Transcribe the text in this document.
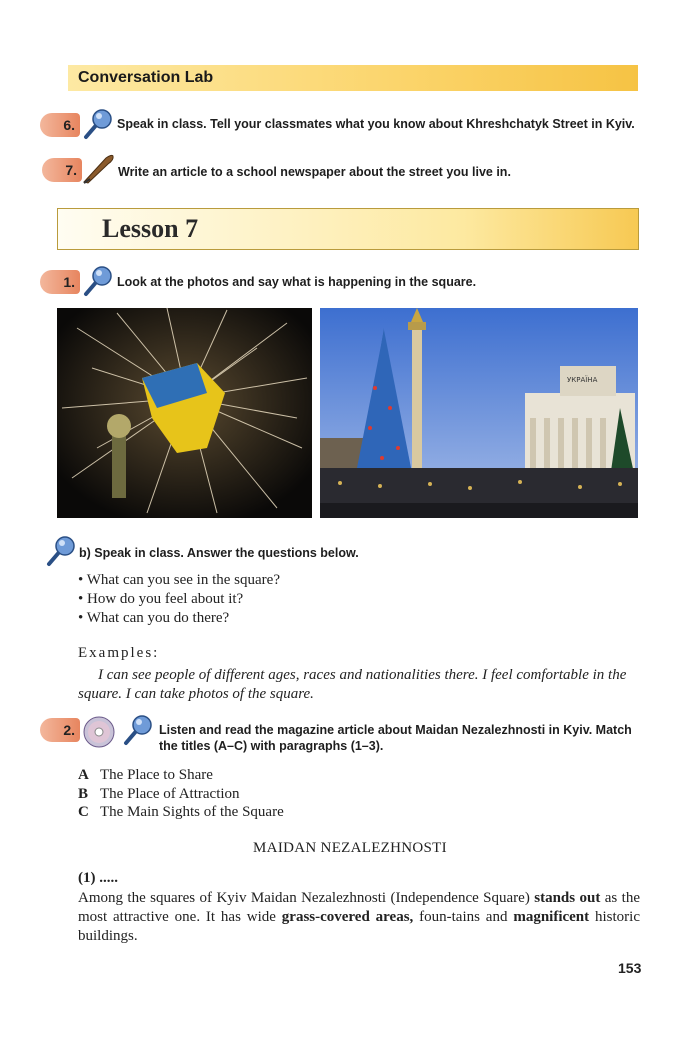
Conversation Lab
6.	Speak in class. Tell your classmates what you know about Khreshchatyk Street in Kyiv.
7.	Write an article to a school newspaper about the street you live in.
Lesson 7
1.	Look at the photos and say what is happening in the square.
УКРАЇНА
b) Speak in class. Answer the questions below.
• What can you see in the square?
• How do you feel about it?
• What can you do there?
Examples:
I can see people of different ages, races and nationalities there. I feel comfortable in the square. I can take photos of the square.
2.	Listen and read the magazine article about Maidan Nezalezhnosti in Kyiv. Match the titles (A–C) with paragraphs (1–3).
A The Place to Share
B The Place of Attraction
C The Main Sights of the Square
MAIDAN NEZALEZHNOSTI
(1) .....
Among the squares of Kyiv Maidan Nezalezhnosti (Independence Square) stands out as the most attractive one. It has wide grass-covered areas, foun-tains and magnificent historic buildings.
153
